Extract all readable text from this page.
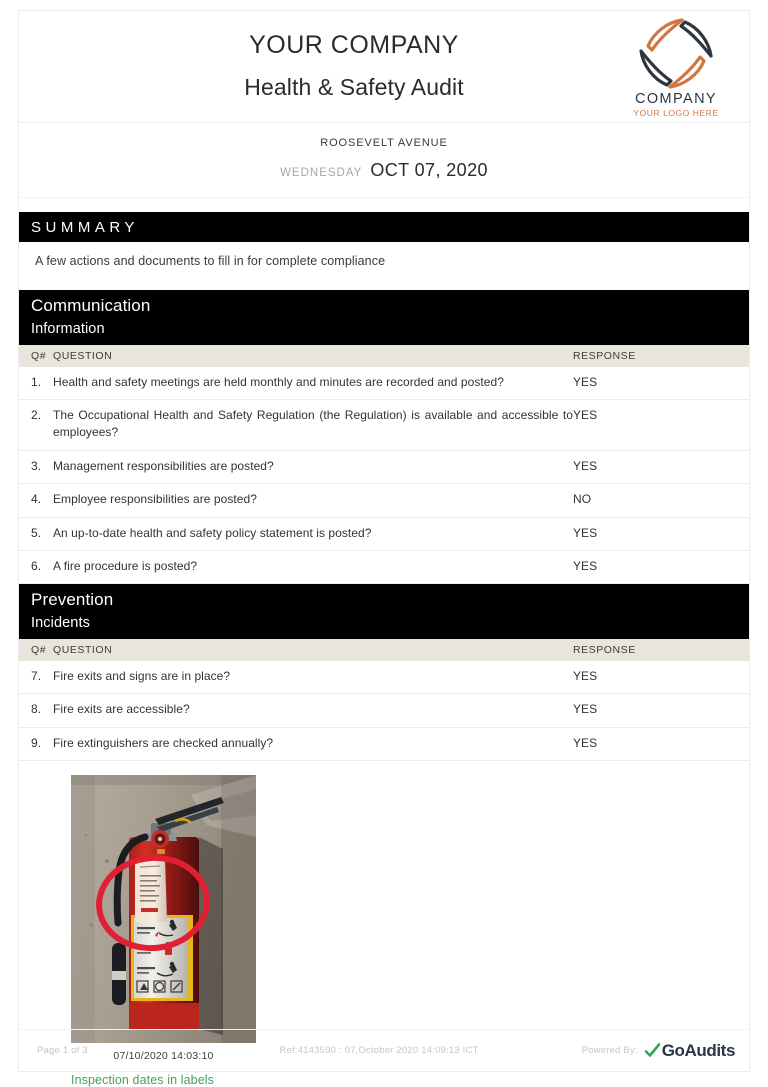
YOUR COMPANY
Health & Safety Audit	COMPANY
YOUR LOGO HERE
ROOSEVELT AVENUE
WEDNESDAY OCT 07, 2020
SUMMARY
A few actions and documents to fill in for complete compliance
Communication
Information
Q#	QUESTION	RESPONSE
1.	Health and safety meetings are held monthly and minutes are recorded and posted?	YES
2.	The Occupational Health and Safety Regulation (the Regulation) is available and accessible to employees?	YES
3.	Management responsibilities are posted?	YES
4.	Employee responsibilities are posted?	NO
5.	An up-to-date health and safety policy statement is posted?	YES
6.	A fire procedure is posted?	YES
Prevention
Incidents
Q#	QUESTION	RESPONSE
7.	Fire exits and signs are in place?	YES
8.	Fire exits are accessible?	YES
9.	Fire extinguishers are checked annually?	YES
07/10/2020 14:03:10
Inspection dates in labels
Page 1 of 3	Ref:4143590 : 07,October 2020 14:09:13 ICT	Powered By: GoAudits
